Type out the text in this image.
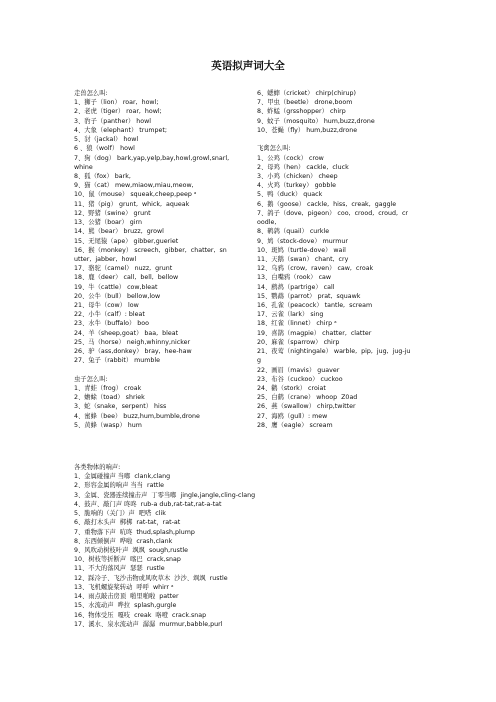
英语拟声词大全

走兽怎么叫:

1、狮子（lion） roar,  howl;

2、老虎（tiger） roar,  howl;

3、豹子（panther） howl

4、大象（elephant） trumpet;

5、豺（jackal） howl

6 、狼（wolf） howl

7、狗（dog） bark,yap,yelp,bay,howl,growl,snarl,

whine

8、狐（fox） bark,

9、猫（cat） mew,miaow,miau,meow,

10、鼠（mouse） squeak,cheep,peep ᵃ

11、猪（pig） grunt,  whick,  aqueak

12、野猪（swine） grunt

13、公猪（boar） girn

14、熊（bear） bruzz,  growl

15、无尾猿（ape） gibber,gueriet

16、猴（monkey） screech,  gibber,  chatter,  sn

utter,  jabber,  howl

17、骆驼（camel） nuzz,  grunt

18、鹿（deer） call,  bell,  bellow

19、牛（cattle） cow,bleat

20、公牛（bull） bellow,low

21、母牛（cow） low

22、小牛（calf）: bleat

23、水牛（buffalo） boo

24、羊（sheep,goat） baa,  bleat

25、马（horse） neigh,whinny,nicker

26、驴（ass,donkey） bray,  hee-haw

27、兔子（rabbit） mumble

虫子怎么叫:

1、青蛙（frog） croak

2、蟾蜍（toad） shriek

3、蛇（snake，serpent） hiss

4、蜜蜂（bee） buzz,hum,bumble,drone

5、黄蜂（wasp） hum

6、蟋蟀（cricket） chirp(chirup)

7、甲虫（beetle） drone,boom

8、蚱蜢（grsshopper） chirp

9、蚊子（mosquito） hum,buzz,drone

10、苍蝇（fly） hum,buzz,drone

飞禽怎么叫:

1、公鸡（cock） crow

2、母鸡（hen） cackle,  cluck

3、小鸡（chicken） cheep

4、火鸡（turkey） gobble

5、鸭（duck） quack

6、鹅（goose） cackle,  hiss,  creak,  gaggle

7、鸽子（dove,  pigeon） coo,  crood,  croud,  cr

oodle,

8、鹌鹑（quail） curkle

9、鸠（stock-dove） murmur

10、斑鸠（turtle-dove） wail

11、天鹅（swan） chant,  cry

12、乌鸦（crow,  raven） caw,  croak

13、白嘴鸦（rook） caw

14、鹧鸪（partrige） call

15、鹦鹉（parrot） prat,  squawk

16、孔雀（peacock） tantle,  scream

17、云雀（lark） sing

18、红雀（linnet） chirp ᵃ

19、喜鹊（magpie） chatter,  clatter

20、麻雀（sparrow） chirp

21、夜莺（nightingale） warble,  pip,  jug,  jug-ju

g

22、画眉（mavis） guaver

23、布谷（cuckoo） cuckoo

24、鹳（stork） croiat

25、白鹤（crane） whoop  Z0ad

26、燕（swallow） chirp,twitter

27、海鸥（gull）: mew

28、鹰（eagle） scream

各类物体的响声:

1、金属碰撞声 当啷  clank,clang

2、形容金属的响声 当当  rattle

3、金属、瓷器连续撞击声  丁零当啷  jingle,jangle,cling-clang

4、鼓声、敲门声 咚咚  rub-a dub,rat-tat,rat-a-tat

5、脆响的（关门）声  吧嗒  clik

6、敲打木头声  梆梆  rat-tat，rat-at

7、重物落下声  吭咚  thud,splash,plump

8、东西倾倒声  哗啦  crash,clank

9、风吹动树枝叶声  飒飒  sough,rustle

10、树枝等折断声  喀巴  crack,snap

11、不大的落风声  瑟瑟  rustle

12、踩冷子、飞沙击物或风吹草木  沙沙、飒飒  rustle

13、飞机螺旋桨转动  呼呼  whirr ᵃ

14、雨点敲击房顶  啪里啪啦  patter

15、水流动声  哗拉  splash,gurgle

16、物体受压  嘎吱  creak  咯噔  crack.snap

17、溪水、泉水流动声  潺潺  murmur,babble,purl
